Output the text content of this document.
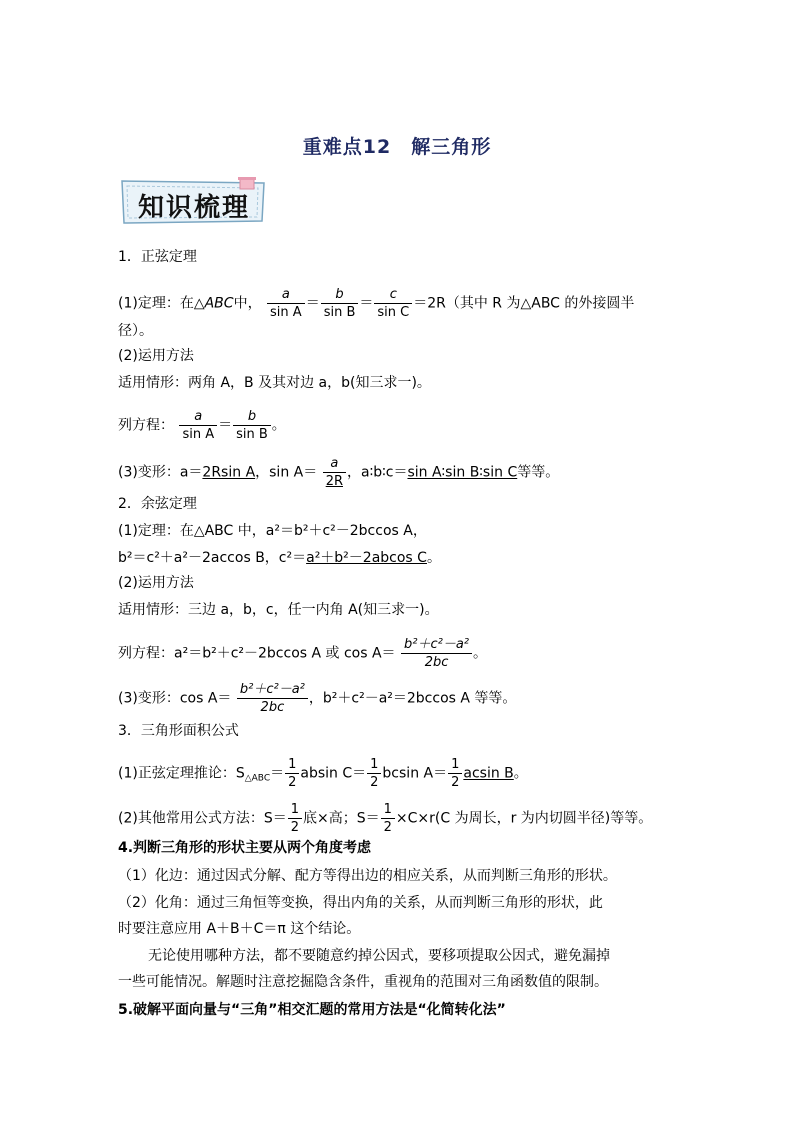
重难点12　解三角形
知识梳理
1．正弦定理
(1)定理：在△ABC中， $\frac{a}{\text{sin A}} = \frac{b}{\text{sin B}} = \frac{c}{\text{sin C}} =2R$（其中 R 为△ABC 的外接圆半
径）。
(2)运用方法
适用情形：两角 A，B 及其对边 a，b(知三求一)。
列方程： $\frac{a}{\text{sin A}} = \frac{b}{\text{sin B}}$ 。
(3)变形：a＝2Rsin A，$\sin A= \frac{a}{2R}$ ，a∶b∶c＝sin A∶sin B∶sin C等等。
2．余弦定理
(1)定理：在△ABC 中，a²＝b²＋c²－2bccos A，
b²＝c²＋a²－2accos B，c²＝a²＋b²－2abcos C。
(2)运用方法
适用情形：三边 a，b，c，任一内角 A(知三求一)。
列方程：a²＝b²＋c²－2bccos A 或 $\cos A= \frac{\text{b²＋c²－a²}}{2bc}$ 。
(3)变形：$\cos A= \frac{\text{b²＋c²－a²}}{2bc}$ ，b²＋c²－a²＝2bccos A 等等。
3．三角形面积公式
(1)正弦定理推论：$S_{\triangle ABC}= \frac{1}{2}$ absin $C= \frac{1}{2}$ bcsin $A= \frac{1}{2}$ acsin B。
(2)其他常用公式方法：$S= \frac{1}{2}$ 底×高；$S= \frac{1}{2} \times C\times r(C$ 为周长，r 为内切圆半径)等等。
4.判断三角形的形状主要从两个角度考虑
（1）化边：通过因式分解、配方等得出边的相应关系，从而判断三角形的形状。
（2）化角：通过三角恒等变换，得出内角的关系，从而判断三角形的形状，此
时要注意应用 A＋B＋C＝π 这个结论。
无论使用哪种方法，都不要随意约掉公因式，要移项提取公因式，避免漏掉
一些可能情况。解题时注意挖掘隐含条件，重视角的范围对三角函数值的限制。
5.破解平面向量与“三角”相交汇题的常用方法是“化简转化法”
